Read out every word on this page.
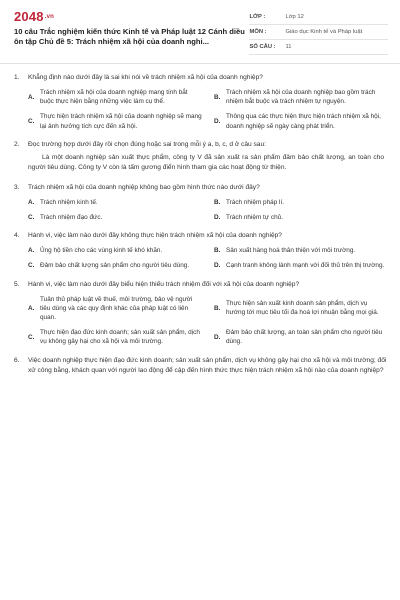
$2048^{.vn}$
10 câu Trắc nghiệm kiến thức Kinh tế và Pháp luật 12 Cánh diều ôn tập Chủ đề 5: Trách nhiệm xã hội của doanh nghi...
LỚP :	Lớp 12
MÔN :	Giáo dục Kinh tế và Pháp luật
SỐ CÂU :	11
1.	Khẳng định nào dưới đây là sai khi nói về trách nhiệm xã hội của doanh nghiệp?
A.
Trách nhiệm xã hội của doanh nghiệp mang tính bắt buộc thực hiện bằng những việc làm cụ thể.
B.
Trách nhiệm xã hội của doanh nghiệp bao gồm trách nhiệm bắt buộc và trách nhiệm tự nguyện.
C.
Thực hiện trách nhiệm xã hội của doanh nghiệp sẽ mang lại ảnh hưởng tích cực đến xã hội.
D.
Thông qua các thực hiện thực hiện trách nhiệm xã hội, doanh nghiệp sẽ ngày càng phát triển.
2.	Đọc trường hợp dưới đây rồi chọn đúng hoặc sai trong mỗi ý a, b, c, d ở câu sau:
Là một doanh nghiệp sản xuất thực phẩm, công ty V đã sản xuất ra sản phẩm đảm bảo chất lượng, an toàn cho người tiêu dùng. Công ty V còn là tấm gương điển hình tham gia các hoạt động từ thiện.
3.	Trách nhiệm xã hội của doanh nghiệp không bao gồm hình thức nào dưới đây?
A. Trách nhiệm kinh tế.	B. Trách nhiệm pháp lí.
C. Trách nhiệm đạo đức.	D. Trách nhiệm tự chủ.
4.	Hành vi, việc làm nào dưới đây không thực hiện trách nhiệm xã hội của doanh nghiệp?
A. Ủng hộ tiền cho các vùng kinh tế khó khăn.	B. Sản xuất hàng hoá thân thiện với môi trường.
C. Đảm bảo chất lượng sản phẩm cho người tiêu dùng.	D. Cạnh tranh không lành mạnh với đối thủ trên thị trường.
5.	Hành vi, việc làm nào dưới đây biểu hiện thiếu trách nhiệm đối với xã hội của doanh nghiệp?
A.
Tuân thủ pháp luật về thuế, môi trường, bảo vệ người tiêu dùng và các quy định khác của pháp luật có liên quan.
B.
Thực hiện sản xuất kinh doanh sản phẩm, dịch vụ hướng tới mục tiêu tối đa hoá lợi nhuận bằng mọi giá.
C.
Thực hiện đạo đức kinh doanh; sản xuất sản phẩm, dịch vụ không gây hại cho xã hội và môi trường.
D.
Đảm bảo chất lượng, an toàn sản phẩm cho người tiêu dùng.
6.	Việc doanh nghiệp thực hiện đạo đức kinh doanh; sản xuất sản phẩm, dịch vụ không gây hại cho xã hội và môi trường; đối xử công bằng, khách quan với người lao động để cập đến hình thức thực hiện trách nhiệm xã hội nào của doanh nghiệp?
